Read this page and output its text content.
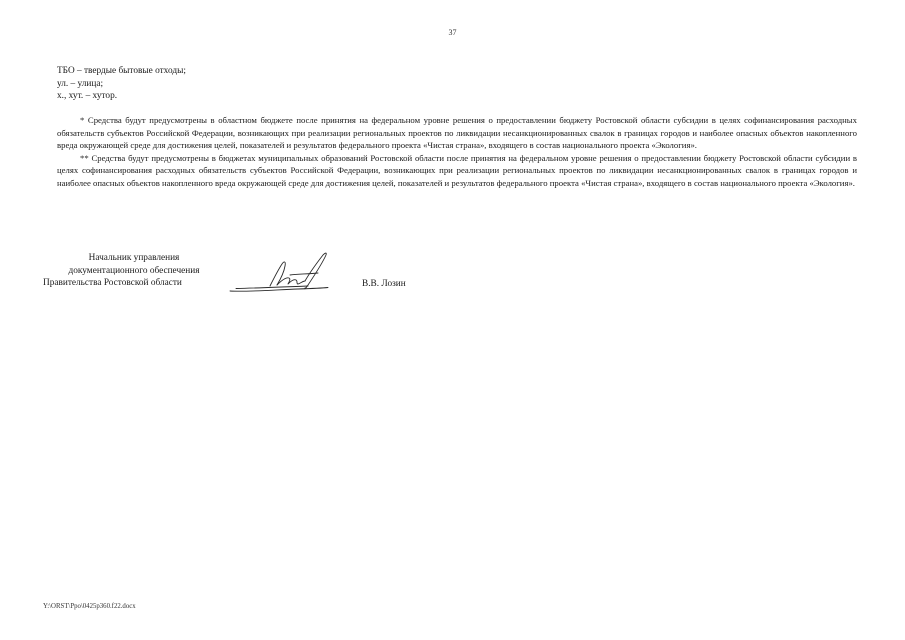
37
ТБО – твердые бытовые отходы;
ул. – улица;
х., хут. – хутор.

* Средства будут предусмотрены в областном бюджете после принятия на федеральном уровне решения о предоставлении бюджету Ростовской области субсидии в целях софинансирования расходных обязательств субъектов Российской Федерации, возникающих при реализации региональных проектов по ликвидации несанкционированных свалок в границах городов и наиболее опасных объектов накопленного вреда окружающей среде для достижения целей, показателей и результатов федерального проекта «Чистая страна», входящего в состав национального проекта «Экология».

** Средства будут предусмотрены в бюджетах муниципальных образований Ростовской области после принятия на федеральном уровне решения о предоставлении бюджету Ростовской области субсидии в целях софинансирования расходных обязательств субъектов Российской Федерации, возникающих при реализации региональных проектов по ликвидации несанкционированных свалок в границах городов и наиболее опасных объектов накопленного вреда окружающей среде для достижения целей, показателей и результатов федерального проекта «Чистая страна», входящего в состав национального проекта «Экология».

Начальник управления
документационного обеспечения
Правительства Ростовской области	В.В. Лозин
Y:\ORST\Ppo\0425p360.f22.docx
